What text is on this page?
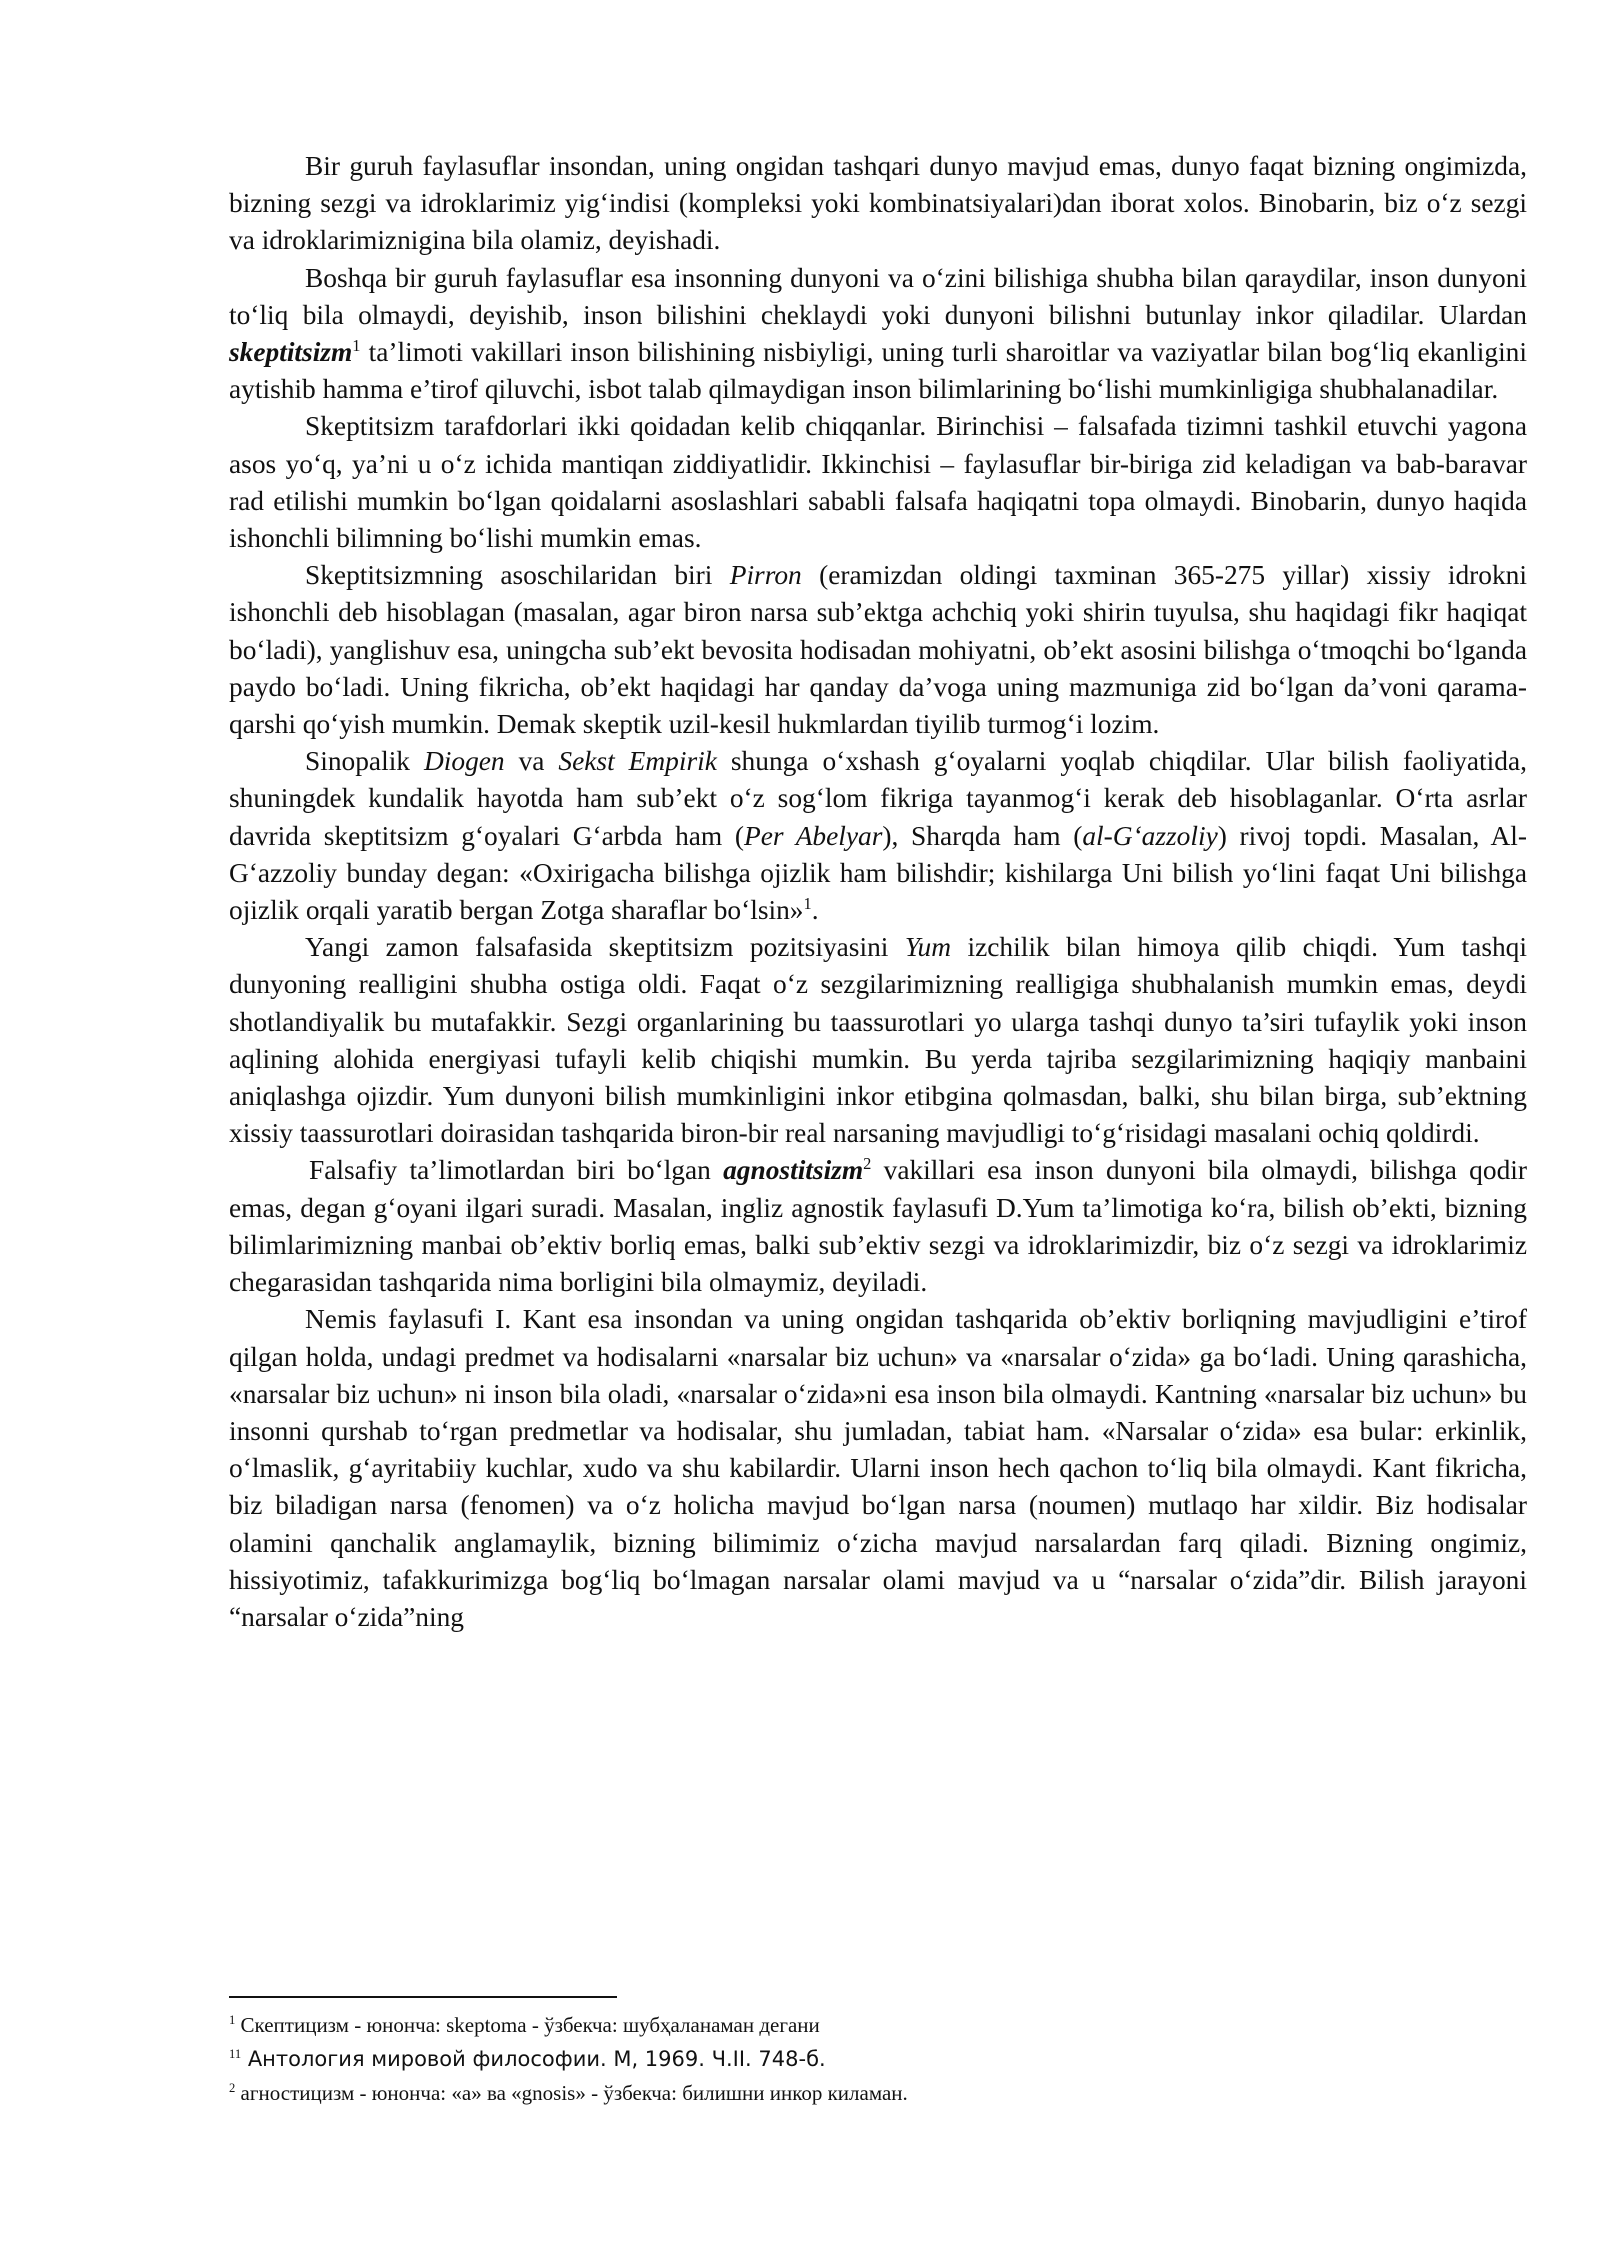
Bir guruh faylasuflar insondan, uning ongidan tashqari dunyo mavjud emas, dunyo faqat bizning ongimizda, bizning sezgi va idroklarimiz yig‘indisi (kompleksi yoki kombinatsiyalari)dan iborat xolos. Binobarin, biz o‘z sezgi va idroklarimiznigina bila olamiz, deyishadi.

Boshqa bir guruh faylasuflar esa insonning dunyoni va o‘zini bilishiga shubha bilan qaraydilar, inson dunyoni to‘liq bila olmaydi, deyishib, inson bilishini cheklaydi yoki dunyoni bilishni butunlay inkor qiladilar. Ulardan skeptitsizm$^1$ ta’limoti vakillari inson bilishining nisbiyligi, uning turli sharoitlar va vaziyatlar bilan bog‘liq ekanligini aytishib hamma e’tirof qiluvchi, isbot talab qilmaydigan inson bilimlarining bo‘lishi mumkinligiga shubhalanadilar.

Skeptitsizm tarafdorlari ikki qoidadan kelib chiqqanlar. Birinchisi – falsafada tizimni tashkil etuvchi yagona asos yo‘q, ya’ni u o‘z ichida mantiqan ziddiyatlidir. Ikkinchisi – faylasuflar bir-biriga zid keladigan va bab-baravar rad etilishi mumkin bo‘lgan qoidalarni asoslashlari sababli falsafa haqiqatni topa olmaydi. Binobarin, dunyo haqida ishonchli bilimning bo‘lishi mumkin emas.

Skeptitsizmning asoschilaridan biri Pirron (eramizdan oldingi taxminan 365-275 yillar) xissiy idrokni ishonchli deb hisoblagan (masalan, agar biron narsa sub’ektga achchiq yoki shirin tuyulsa, shu haqidagi fikr haqiqat bo‘ladi), yanglishuv esa, uningcha sub’ekt bevosita hodisadan mohiyatni, ob’ekt asosini bilishga o‘tmoqchi bo‘lganda paydo bo‘ladi. Uning fikricha, ob’ekt haqidagi har qanday da’voga uning mazmuniga zid bo‘lgan da’voni qarama-qarshi qo‘yish mumkin. Demak skeptik uzil-kesil hukmlardan tiyilib turmog‘i lozim.

Sinopalik Diogen va Sekst Empirik shunga o‘xshash g‘oyalarni yoqlab chiqdilar. Ular bilish faoliyatida, shuningdek kundalik hayotda ham sub’ekt o‘z sog‘lom fikriga tayanmog‘i kerak deb hisoblaganlar. O‘rta asrlar davrida skeptitsizm g‘oyalari G‘arbda ham (Per Abelyar), Sharqda ham (al-G‘azzoliy) rivoj topdi. Masalan, Al-G‘azzoliy bunday degan: «Oxirigacha bilishga ojizlik ham bilishdir; kishilarga Uni bilish yo‘lini faqat Uni bilishga ojizlik orqali yaratib bergan Zotga sharaflar bo‘lsin»$^1$.

Yangi zamon falsafasida skeptitsizm pozitsiyasini Yum izchilik bilan himoya qilib chiqdi. Yum tashqi dunyoning realligini shubha ostiga oldi. Faqat o‘z sezgilarimizning realligiga shubhalanish mumkin emas, deydi shotlandiyalik bu mutafakkir. Sezgi organlarining bu taassurotlari yo ularga tashqi dunyo ta’siri tufaylik yoki inson aqlining alohida energiyasi tufayli kelib chiqishi mumkin. Bu yerda tajriba sezgilarimizning haqiqiy manbaini aniqlashga ojizdir. Yum dunyoni bilish mumkinligini inkor etibgina qolmasdan, balki, shu bilan birga, sub’ektning xissiy taassurotlari doirasidan tashqarida biron-bir real narsaning mavjudligi to‘g‘risidagi masalani ochiq qoldirdi.

Falsafiy ta’limotlardan biri bo‘lgan agnostitsizm$^2$ vakillari esa inson dunyoni bila olmaydi, bilishga qodir emas, degan g‘oyani ilgari suradi. Masalan, ingliz agnostik faylasufi D.Yum ta’limotiga ko‘ra, bilish ob’ekti, bizning bilimlarimizning manbai ob’ektiv borliq emas, balki sub’ektiv sezgi va idroklarimizdir, biz o‘z sezgi va idroklarimiz chegarasidan tashqarida nima borligini bila olmaymiz, deyiladi.

Nemis faylasufi I. Kant esa insondan va uning ongidan tashqarida ob’ektiv borliqning mavjudligini e’tirof qilgan holda, undagi predmet va hodisalarni «narsalar biz uchun» va «narsalar o‘zida» ga bo‘ladi. Uning qarashicha, «narsalar biz uchun» ni inson bila oladi, «narsalar o‘zida»ni esa inson bila olmaydi. Kantning «narsalar biz uchun» bu insonni qurshab to‘rgan predmetlar va hodisalar, shu jumladan, tabiat ham. «Narsalar o‘zida» esa bular: erkinlik, o‘lmaslik, g‘ayritabiiy kuchlar, xudo va shu kabilardir. Ularni inson hech qachon to‘liq bila olmaydi. Kant fikricha, biz biladigan narsa (fenomen) va o‘z holicha mavjud bo‘lgan narsa (noumen) mutlaqo har xildir. Biz hodisalar olamini qanchalik anglamaylik, bizning bilimimiz o‘zicha mavjud narsalardan farq qiladi. Bizning ongimiz, hissiyotimiz, tafakkurimizga bog‘liq bo‘lmagan narsalar olami mavjud va u “narsalar o‘zida”dir. Bilish jarayoni “narsalar o‘zida”ning

$^1$ Скептицизм - юнонча: skeptoma - ўзбекча: шубҳаланаман дегани
$^{11}$ Антология мировой философии. М, 1969. Ч.II. 748-б.
$^2$ агностицизм - юнонча: «а» ва «gnosis» - ўзбекча: билишни инкор киламан.
